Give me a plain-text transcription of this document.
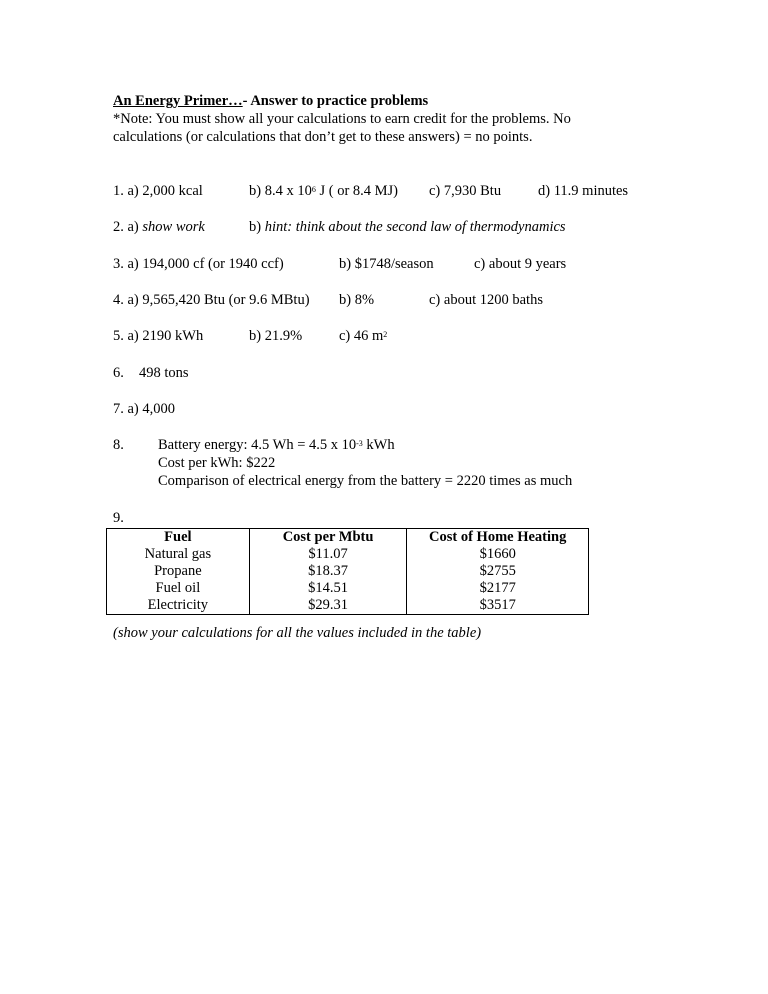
An Energy Primer…- Answer to practice problems
*Note: You must show all your calculations to earn credit for the problems. No
calculations (or calculations that don’t get to these answers) = no points.
1. a) 2,000 kcal	b) 8.4 x $10^6$ J ( or 8.4 MJ) c) 7,930 Btu	d) 11.9 minutes
2. a) show work	b) hint: think about the second law of thermodynamics
3. a) 194,000 cf (or 1940 ccf)	b) $1748/season	c) about 9 years
4. a) 9,565,420 Btu (or 9.6 MBtu) b) 8%	c) about 1200 baths
5. a) 2190 kWh	b) 21.9%	c) 46 $m^2$
6. 498 tons
7. a) 4,000
8. Battery energy: 4.5 Wh = 4.5 x $10^{-3}$ kWh
Cost per kWh: $222
Comparison of electrical energy from the battery = 2220 times as much
9.
Fuel	Cost per Mbtu	Cost of Home Heating
Natural gas	$11.07	$1660
Propane	$18.37	$2755
Fuel oil	$14.51	$2177
Electricity	$29.31	$3517
(show your calculations for all the values included in the table)
